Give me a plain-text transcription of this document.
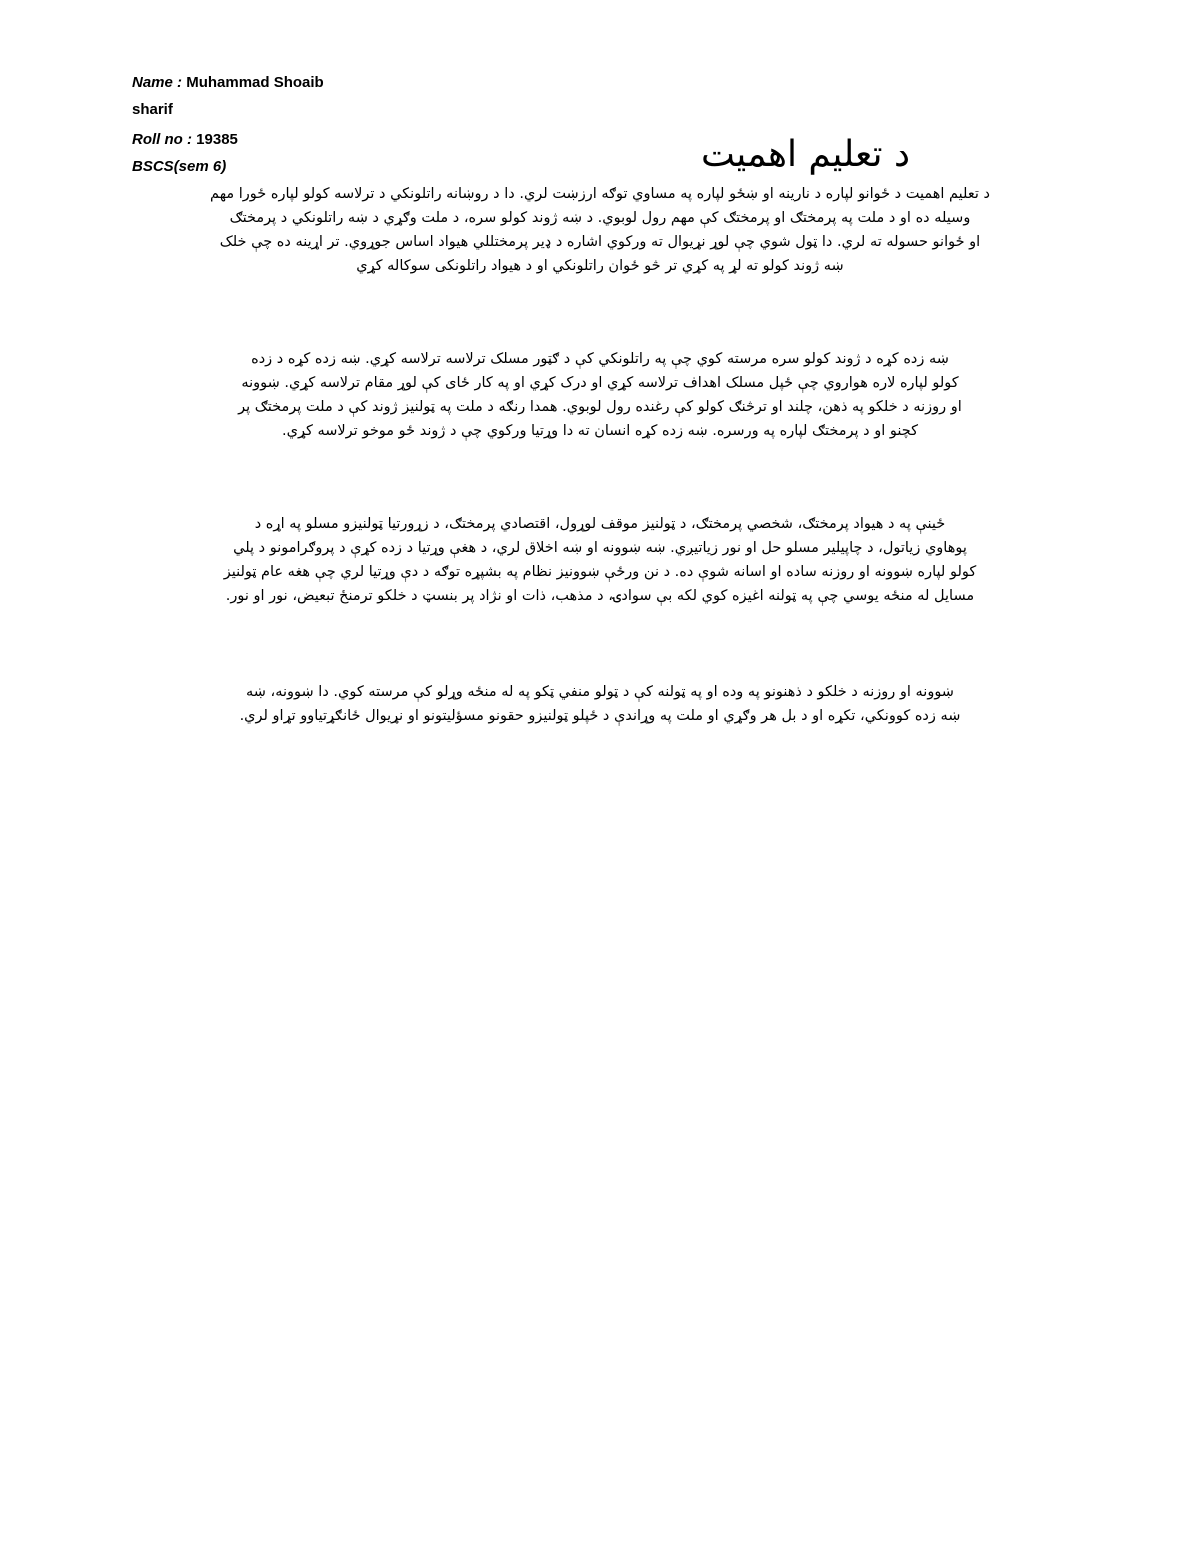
Name : Muhammad Shoaib
sharif
Roll no : 19385
BSCS(sem 6)	د تعلیم اهمیت
د تعلیم اهمیت د ځوانو لپاره د نارینه او ښځو لپاره په مساوي توګه ارزښت لري. دا د روښانه راتلونکي د ترلاسه کولو لپاره ځورا مهم
وسیله ده او د ملت په پرمختګ او پرمختګ کې مهم رول لوبوي. د ښه ژوند کولو سره، د ملت وګړي د ښه راتلونکي د پرمختګ
او ځوانو حسوله ته لري. دا ټول شوي چې لوړ نړیوال ته ورکوي اشاره د ډیر پرمختللي هیواد اساس جوړوي. تر اړینه ده چې خلک
ښه ژوند کولو ته لړ په کړي تر څو ځوان راتلونکي او د هیواد راتلونکی سوکاله کړي
ښه زده کړه د ژوند کولو سره مرسته کوي چې په راتلونکي کې د ګټور مسلک ترلاسه ترلاسه کړي. ښه زده کړه د زده
کولو لپاره لاره هواروي چې ځپل مسلک اهداف ترلاسه کړي او درک کړي او په کار ځای کې لوړ مقام ترلاسه کړي. ښوونه
او روزنه د خلکو په ذهن، چلند او ترڅنګ کولو کې رغنده رول لوبوي. همدا رنګه د ملت په ټولنیز ژوند کې د ملت پرمختګ پر
کچنو او د پرمختګ لپاره په ورسره. ښه زده کړه انسان ته دا وړتیا ورکوي چې د ژوند ځو موخو ترلاسه کړي.
ځینې په د هیواد پرمختګ، شخصي پرمختګ، د ټولنیز موقف لوړول، اقتصادي پرمختګ، د زړورتیا ټولنیزو مسلو په اړه د
پوهاوي زیاتول، د چاپیلیر مسلو حل او نور زیاتیږي. ښه ښوونه او ښه اخلاق لري، د هغې وړتیا د زده کړې د پروګرامونو د پلي
کولو لپاره ښوونه او روزنه ساده او اسانه شوې ده. د نن ورځې ښوونیز نظام په بشپړه توګه د دې وړتیا لري چې هغه عام ټولنیز
مسایل له منځه یوسي چې په ټولنه اغیزه کوي لکه بې سوادۍ، د مذهب، ذات او نژاد پر بنسټ د خلکو ترمنځ تبعیض، نور او نور.
ښوونه او روزنه د خلکو د ذهنونو په وده او په ټولنه کې د ټولو منفي ټکو په له منځه وړلو کې مرسته کوي. دا ښوونه، ښه
ښه زده کوونکي، تکړه او د بل هر وګړي او ملت په وړاندې د ځپلو ټولنیزو حقونو مسؤلیتونو او نړیوال ځانګړتیاوو تړاو لري.
